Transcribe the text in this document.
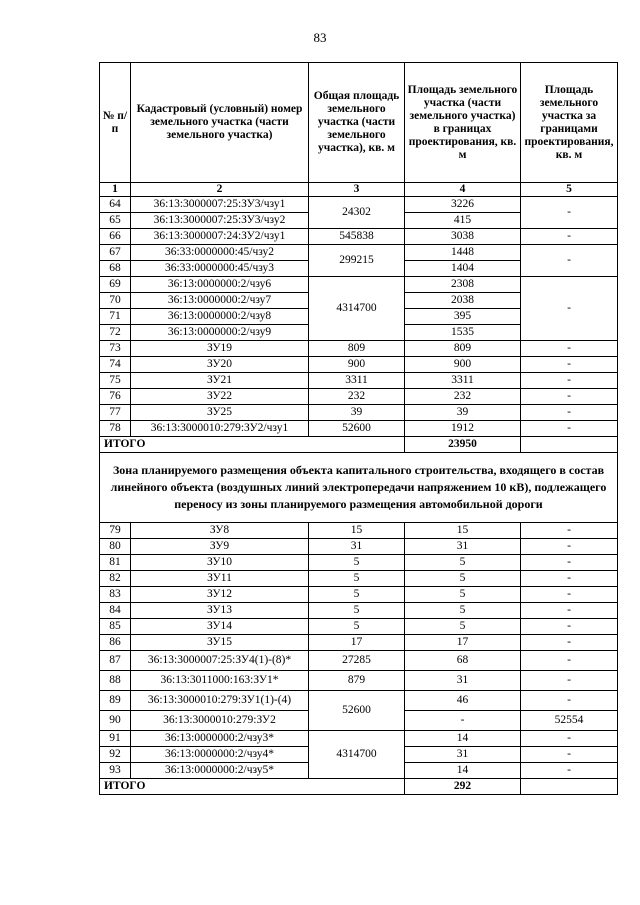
83
№ п/п	Кадастровый (условный) номер земельного участка (части земельного участка)	Общая площадь земельного участка (части земельного участка), кв. м	Площадь земельного участка (части земельного участка) в границах проектирования, кв. м	Площадь земельного участка за границами проектирования, кв. м
1	2	3	4	5
64	36:13:3000007:25:ЗУ3/чзу1	24302	3226	-
65	36:13:3000007:25:ЗУ3/чзу2		415	
66	36:13:3000007:24:ЗУ2/чзу1	545838	3038	-
67	36:33:0000000:45/чзу2	299215	1448	-
68	36:33:0000000:45/чзу3		1404	
69	36:13:0000000:2/чзу6	4314700	2308	-
70	36:13:0000000:2/чзу7		2038	
71	36:13:0000000:2/чзу8		395	
72	36:13:0000000:2/чзу9		1535	
73	ЗУ19	809	809	-
74	ЗУ20	900	900	-
75	ЗУ21	3311	3311	-
76	ЗУ22	232	232	-
77	ЗУ25	39	39	-
78	36:13:3000010:279:ЗУ2/чзу1	52600	1912	-
ИТОГО			23950	
Зона планируемого размещения объекта капитального строительства, входящего в состав линейного объекта (воздушных линий электропередачи напряжением 10 кВ), подлежащего переносу из зоны планируемого размещения автомобильной дороги				
79	ЗУ8	15	15	-
80	ЗУ9	31	31	-
81	ЗУ10	5	5	-
82	ЗУ11	5	5	-
83	ЗУ12	5	5	-
84	ЗУ13	5	5	-
85	ЗУ14	5	5	-
86	ЗУ15	17	17	-
87	36:13:3000007:25:ЗУ4(1)-(8)*	27285	68	-
88	36:13:3011000:163:ЗУ1*	879	31	-
89	36:13:3000010:279:ЗУ1(1)-(4)	52600	46	-
90	36:13:3000010:279:ЗУ2		-	52554
91	36:13:0000000:2/чзу3*	4314700	14	-
92	36:13:0000000:2/чзу4*		31	-
93	36:13:0000000:2/чзу5*		14	-
ИТОГО			292	
